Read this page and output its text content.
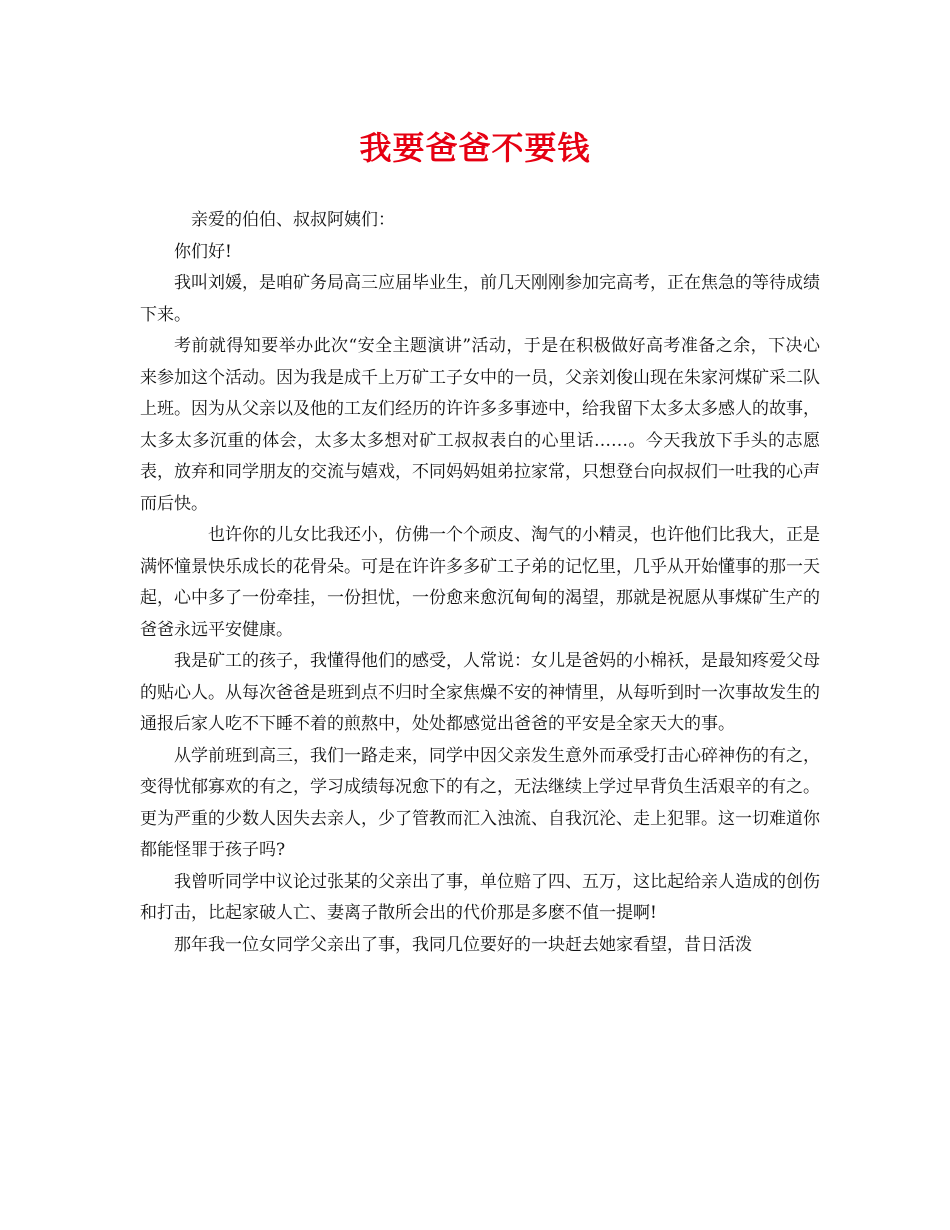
我要爸爸不要钱

亲爱的伯伯、叔叔阿姨们：

你们好!

我叫刘媛，是咱矿务局高三应届毕业生，前几天刚刚参加完高考，正在焦急的等待成绩下来。

考前就得知要举办此次“安全主题演讲”活动，于是在积极做好高考准备之余，下决心来参加这个活动。因为我是成千上万矿工子女中的一员，父亲刘俊山现在朱家河煤矿采二队上班。因为从父亲以及他的工友们经历的许许多多事迹中，给我留下太多太多感人的故事，太多太多沉重的体会，太多太多想对矿工叔叔表白的心里话……。今天我放下手头的志愿表，放弃和同学朋友的交流与嬉戏，不同妈妈姐弟拉家常，只想登台向叔叔们一吐我的心声而后快。

也许你的儿女比我还小，仿佛一个个顽皮、淘气的小精灵，也许他们比我大，正是满怀憧景快乐成长的花骨朵。可是在许许多多矿工子弟的记忆里，几乎从开始懂事的那一天起，心中多了一份牵挂，一份担忧，一份愈来愈沉甸甸的渴望，那就是祝愿从事煤矿生产的爸爸永远平安健康。

我是矿工的孩子，我懂得他们的感受，人常说：女儿是爸妈的小棉袄，是最知疼爱父母的贴心人。从每次爸爸是班到点不归时全家焦燥不安的神情里，从每听到时一次事故发生的通报后家人吃不下睡不着的煎熬中，处处都感觉出爸爸的平安是全家天大的事。

从学前班到高三，我们一路走来，同学中因父亲发生意外而承受打击心碎神伤的有之，变得忧郁寡欢的有之，学习成绩每况愈下的有之，无法继续上学过早背负生活艰辛的有之。更为严重的少数人因失去亲人，少了管教而汇入浊流、自我沉沦、走上犯罪。这一切难道你都能怪罪于孩子吗?

我曾听同学中议论过张某的父亲出了事，单位赔了四、五万，这比起给亲人造成的创伤和打击，比起家破人亡、妻离子散所会出的代价那是多麽不值一提啊!

那年我一位女同学父亲出了事，我同几位要好的一块赶去她家看望，昔日活泼
